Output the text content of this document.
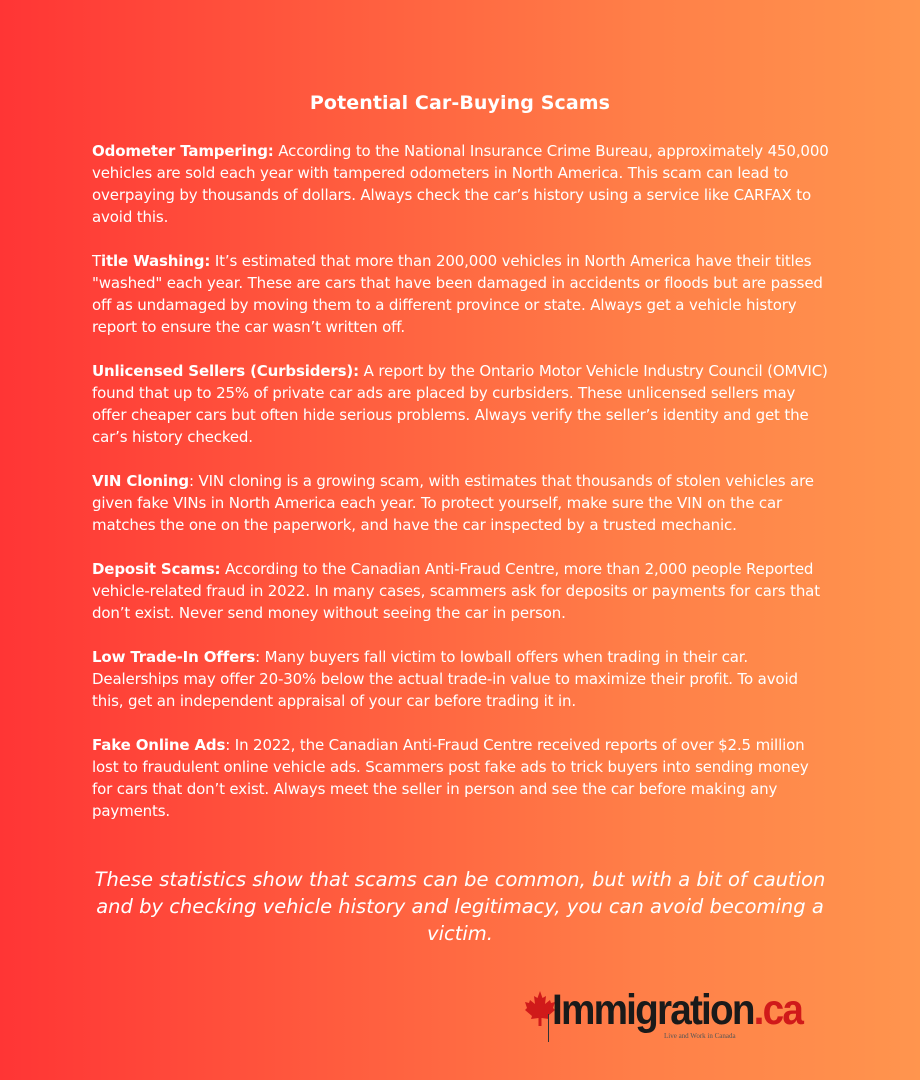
Potential Car-Buying Scams

Odometer Tampering: According to the National Insurance Crime Bureau, approximately 450,000 vehicles are sold each year with tampered odometers in North America. This scam can lead to overpaying by thousands of dollars. Always check the car’s history using a service like CARFAX to avoid this.

Title Washing: It’s estimated that more than 200,000 vehicles in North America have their titles "washed" each year. These are cars that have been damaged in accidents or floods but are passed off as undamaged by moving them to a different province or state. Always get a vehicle history report to ensure the car wasn’t written off.

Unlicensed Sellers (Curbsiders): A report by the Ontario Motor Vehicle Industry Council (OMVIC) found that up to 25% of private car ads are placed by curbsiders. These unlicensed sellers may offer cheaper cars but often hide serious problems. Always verify the seller’s identity and get the car’s history checked.

VIN Cloning: VIN cloning is a growing scam, with estimates that thousands of stolen vehicles are given fake VINs in North America each year. To protect yourself, make sure the VIN on the car matches the one on the paperwork, and have the car inspected by a trusted mechanic.

Deposit Scams: According to the Canadian Anti-Fraud Centre, more than 2,000 people Reported vehicle-related fraud in 2022. In many cases, scammers ask for deposits or payments for cars that don’t exist. Never send money without seeing the car in person.

Low Trade-In Offers: Many buyers fall victim to lowball offers when trading in their car. Dealerships may offer 20-30% below the actual trade-in value to maximize their profit. To avoid this, get an independent appraisal of your car before trading it in.

Fake Online Ads: In 2022, the Canadian Anti-Fraud Centre received reports of over $2.5 million lost to fraudulent online vehicle ads. Scammers post fake ads to trick buyers into sending money for cars that don’t exist. Always meet the seller in person and see the car before making any payments.

These statistics show that scams can be common, but with a bit of caution and by checking vehicle history and legitimacy, you can avoid becoming a victim.
Immigration.ca
Live and Work in Canada
